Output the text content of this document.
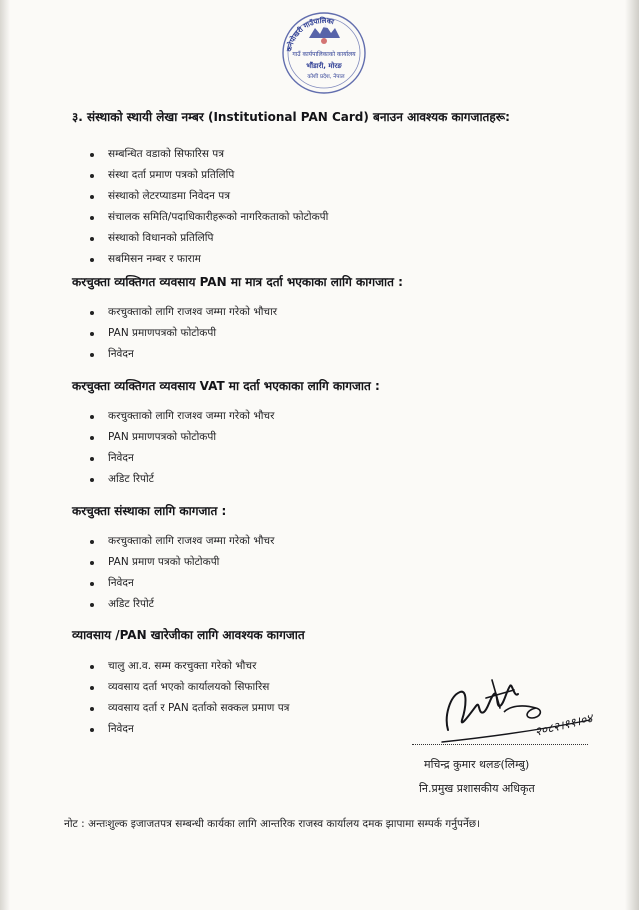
कनेपोखरी गाउँपालिका
गाउँ कार्यपालिकाको कार्यालय
भौंडारी, मोरङ
कोशी प्रदेश, नेपाल

३. संस्थाको स्थायी लेखा नम्बर (Institutional PAN Card) बनाउन आवश्यक कागजातहरू:

सम्बन्धित वडाको सिफारिस पत्र
संस्था दर्ता प्रमाण पत्रको प्रतिलिपि
संस्थाको लेटरप्याडमा निवेदन पत्र
संचालक समिति/पदाधिकारीहरूको नागरिकताको फोटोकपी
संस्थाको विधानको प्रतिलिपि
सबमिसन नम्बर र फाराम

करचुक्ता व्यक्तिगत व्यवसाय PAN मा मात्र दर्ता भएकाका लागि कागजात :

करचुक्ताको लागि राजश्व जम्मा गरेको भौचार
PAN प्रमाणपत्रको फोटोकपी
निवेदन

करचुक्ता व्यक्तिगत व्यवसाय VAT मा दर्ता भएकाका लागि कागजात :

करचुक्ताको लागि राजश्व जम्मा गरेको भौचर
PAN प्रमाणपत्रको फोटोकपी
निवेदन
अडिट रिपोर्ट

करचुक्ता संस्थाका लागि कागजात :

करचुक्ताको लागि राजश्व जम्मा गरेको भौचर
PAN प्रमाण पत्रको फोटोकपी
निवेदन
अडिट रिपोर्ट

व्यावसाय /PAN खारेजीका लागि आवश्यक कागजात

चालु आ.व. सम्म करचुक्ता गरेको भौचर
व्यवसाय दर्ता भएको कार्यालयको सिफारिस
व्यवसाय दर्ता र PAN दर्ताको सक्कल प्रमाण पत्र
निवेदन	२०८२।११।०४
मचिन्द्र कुमार थलङ(लिम्बु)
नि.प्रमुख प्रशासकीय अधिकृत
नोट : अन्तःशुल्क इजाजतपत्र सम्बन्धी कार्यका लागि आन्तरिक राजस्व कार्यालय दमक झापामा सम्पर्क गर्नुपर्नेछ।
